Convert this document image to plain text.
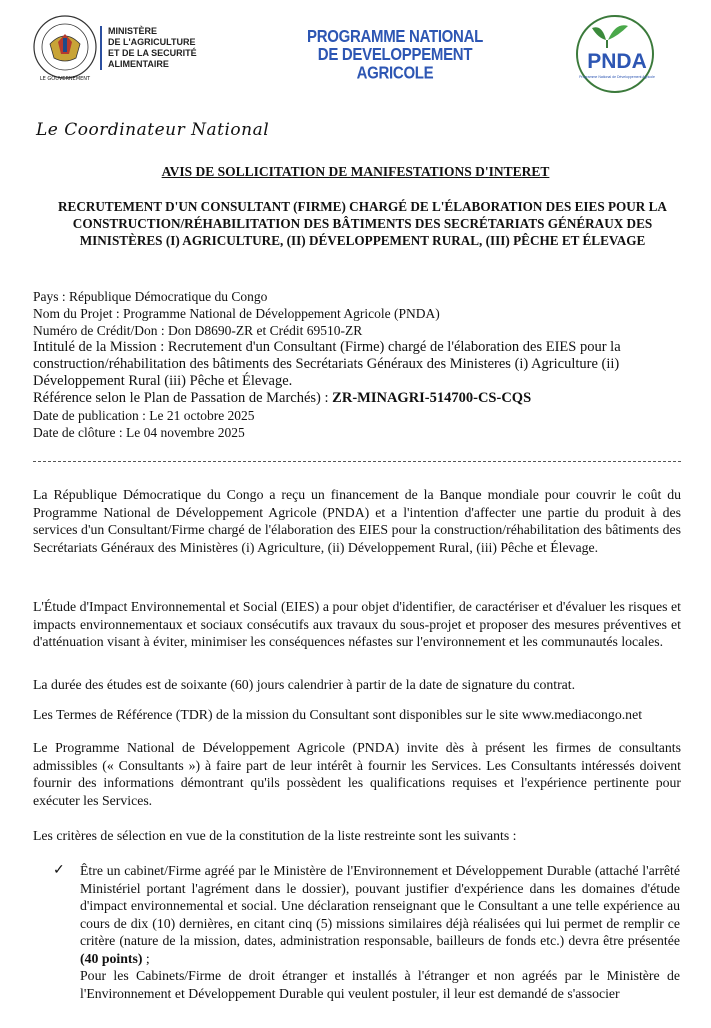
LE GOUVERNEMENT
MINISTÈRE
DE L'AGRICULTURE
ET DE LA SECURITÉ ALIMENTAIRE
PROGRAMME NATIONAL
DE DEVELOPPEMENT
AGRICOLE
PNDA
Programme National de Développement Agricole
Le Coordinateur National
AVIS DE SOLLICITATION DE MANIFESTATIONS D'INTERET
RECRUTEMENT D'UN CONSULTANT (FIRME) CHARGÉ DE L'ÉLABORATION DES EIES POUR LA CONSTRUCTION/RÉHABILITATION DES BÂTIMENTS DES SECRÉTARIATS GÉNÉRAUX DES MINISTÈRES (I) AGRICULTURE, (II) DÉVELOPPEMENT RURAL, (III) PÊCHE ET ÉLEVAGE
Pays : République Démocratique du Congo
Nom du Projet : Programme National de Développement Agricole (PNDA)
Numéro de Crédit/Don : Don D8690-ZR et Crédit 69510-ZR
Intitulé de la Mission : Recrutement d'un Consultant (Firme) chargé de l'élaboration des EIES pour la construction/réhabilitation des bâtiments des Secrétariats Généraux des Ministeres (i) Agriculture (ii) Développement Rural (iii) Pêche et Élevage.
Référence selon le Plan de Passation de Marchés) : ZR-MINAGRI-514700-CS-CQS
Date de publication : Le 21 octobre 2025
Date de clôture : Le 04 novembre 2025
La République Démocratique du Congo a reçu un financement de la Banque mondiale pour couvrir le coût du Programme National de Développement Agricole (PNDA) et a l'intention d'affecter une partie du produit à des services d'un Consultant/Firme chargé de l'élaboration des EIES pour la construction/réhabilitation des bâtiments des Secrétariats Généraux des Ministères (i) Agriculture, (ii) Développement Rural, (iii) Pêche et Élevage.
L'Étude d'Impact Environnemental et Social (EIES) a pour objet d'identifier, de caractériser et d'évaluer les risques et impacts environnementaux et sociaux consécutifs aux travaux du sous-projet et proposer des mesures préventives et d'atténuation visant à éviter, minimiser les conséquences néfastes sur l'environnement et les communautés locales.
La durée des études est de soixante (60) jours calendrier à partir de la date de signature du contrat.
Les Termes de Référence (TDR) de la mission du Consultant sont disponibles sur le site www.mediacongo.net
Le Programme National de Développement Agricole (PNDA) invite dès à présent les firmes de consultants admissibles (« Consultants ») à faire part de leur intérêt à fournir les Services. Les Consultants intéressés doivent fournir des informations démontrant qu'ils possèdent les qualifications requises et l'expérience pertinente pour exécuter les Services.
Les critères de sélection en vue de la constitution de la liste restreinte sont les suivants :
✓ Être un cabinet/Firme agréé par le Ministère de l'Environnement et Développement Durable (attaché l'arrêté Ministériel portant l'agrément dans le dossier), pouvant justifier d'expérience dans les domaines d'étude d'impact environnemental et social. Une déclaration renseignant que le Consultant a une telle expérience au cours de dix (10) dernières, en citant cinq (5) missions similaires déjà réalisées qui lui permet de remplir ce critère (nature de la mission, dates, administration responsable, bailleurs de fonds etc.) devra être présentée (40 points) ;
Pour les Cabinets/Firme de droit étranger et installés à l'étranger et non agréés par le Ministère de l'Environnement et Développement Durable qui veulent postuler, il leur est demandé de s'associer
